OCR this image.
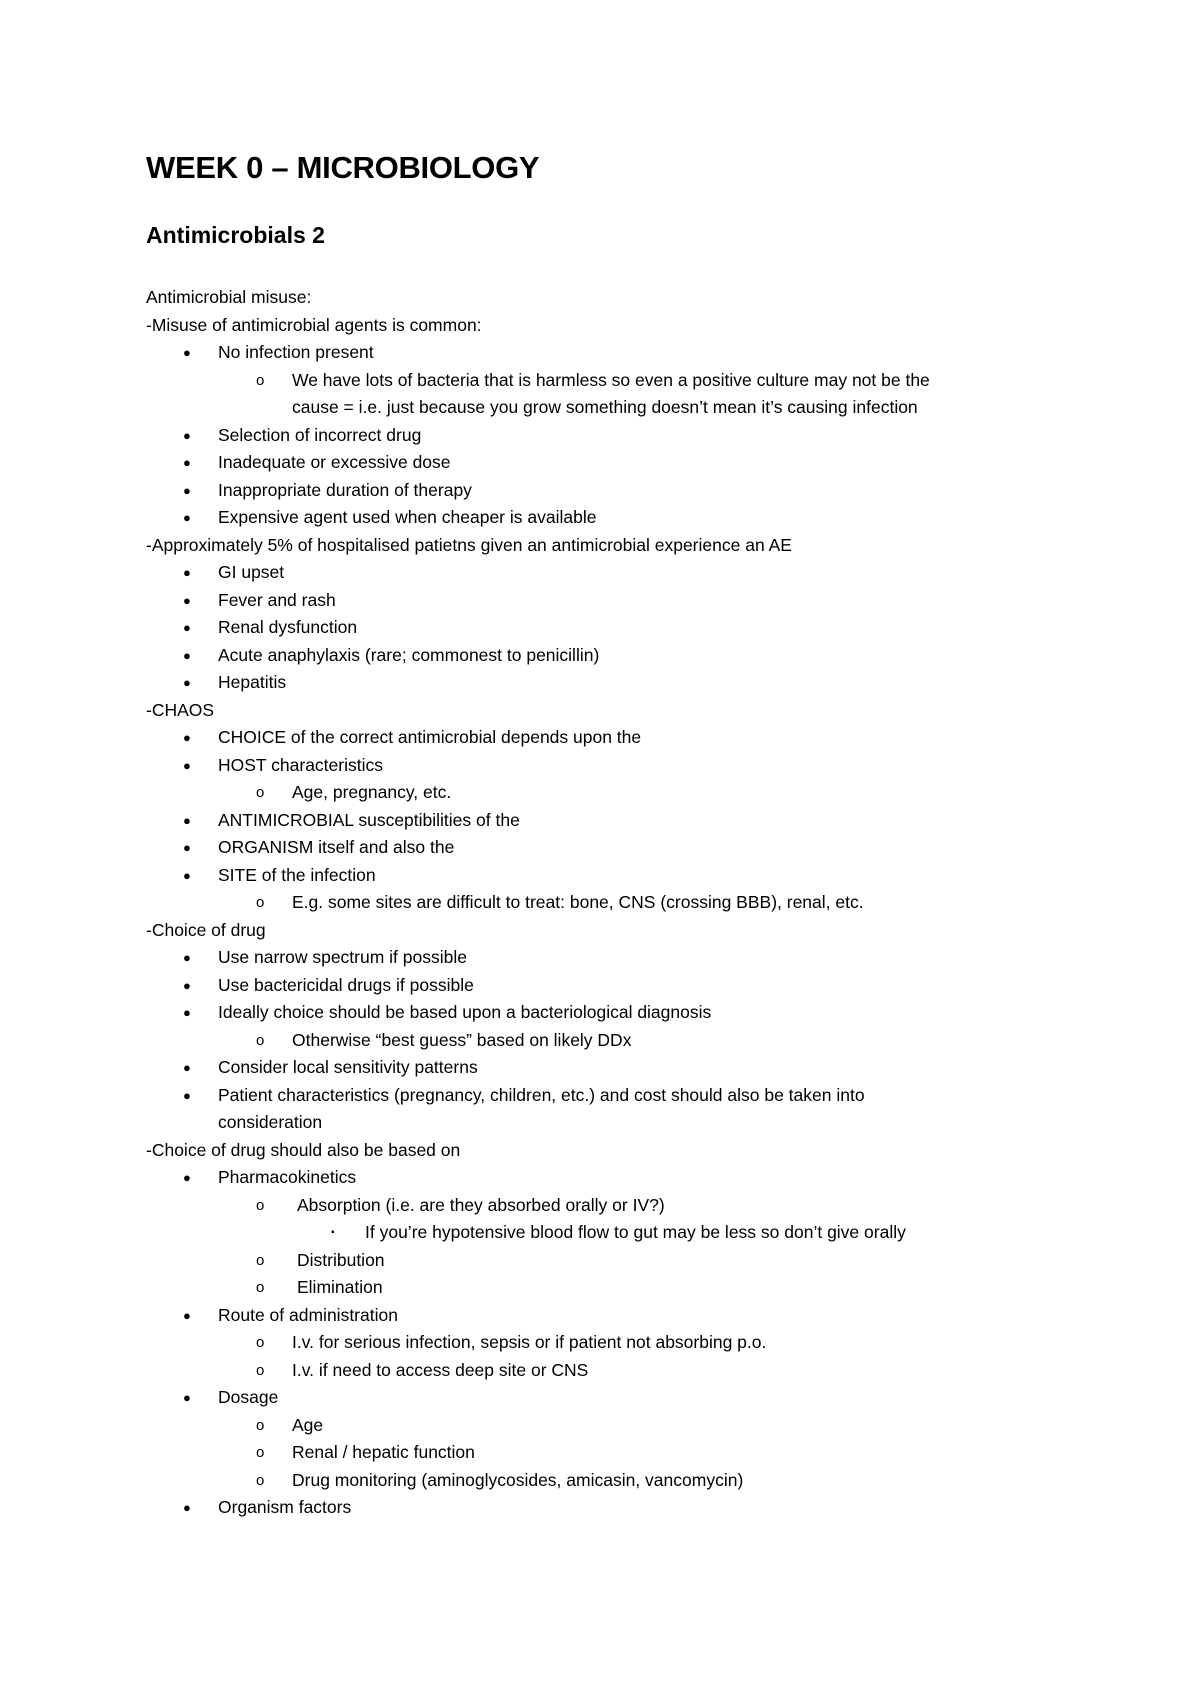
WEEK 0 – MICROBIOLOGY
Antimicrobials 2
Antimicrobial misuse:
-Misuse of antimicrobial agents is common:
● No infection present
o We have lots of bacteria that is harmless so even a positive culture may not be the
cause = i.e. just because you grow something doesn’t mean it’s causing infection
● Selection of incorrect drug
● Inadequate or excessive dose
● Inappropriate duration of therapy
● Expensive agent used when cheaper is available
-Approximately 5% of hospitalised patietns given an antimicrobial experience an AE
● GI upset
● Fever and rash
● Renal dysfunction
● Acute anaphylaxis (rare; commonest to penicillin)
● Hepatitis
-CHAOS
● CHOICE of the correct antimicrobial depends upon the
● HOST characteristics
o Age, pregnancy, etc.
● ANTIMICROBIAL susceptibilities of the
● ORGANISM itself and also the
● SITE of the infection
o E.g. some sites are difficult to treat: bone, CNS (crossing BBB), renal, etc.
-Choice of drug
● Use narrow spectrum if possible
● Use bactericidal drugs if possible
● Ideally choice should be based upon a bacteriological diagnosis
o Otherwise “best guess” based on likely DDx
● Consider local sensitivity patterns
● Patient characteristics (pregnancy, children, etc.) and cost should also be taken into
consideration
-Choice of drug should also be based on
● Pharmacokinetics
o Absorption (i.e. are they absorbed orally or IV?)
▪ If you’re hypotensive blood flow to gut may be less so don’t give orally
o Distribution
o Elimination
● Route of administration
o I.v. for serious infection, sepsis or if patient not absorbing p.o.
o I.v. if need to access deep site or CNS
● Dosage
o Age
o Renal / hepatic function
o Drug monitoring (aminoglycosides, amicasin, vancomycin)
● Organism factors
